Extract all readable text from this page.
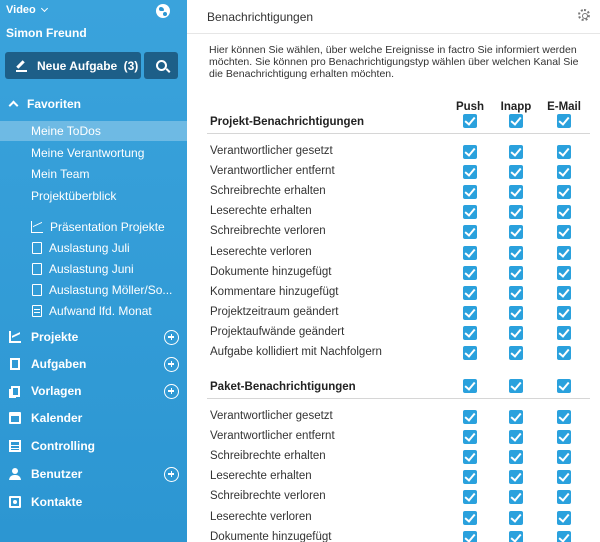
Video
Simon Freund
Neue Aufgabe (3)
Favoriten
Meine ToDos
Meine Verantwortung
Mein Team
Projektüberblick
Präsentation Projekte
Auslastung Juli
Auslastung Juni
Auslastung Möller/So...
Aufwand lfd. Monat
Projekte
Aufgaben
Vorlagen
Kalender
Controlling
Benutzer
Kontakte
Benachrichtigungen
Hier können Sie wählen, über welche Ereignisse in factro Sie informiert werden möchten. Sie können pro Benachrichtigungstyp wählen über welchen Kanal Sie die Benachrichtigung erhalten möchten.
Push	Inapp	E-Mail
Projekt-Benachrichtigungen
Verantwortlicher gesetzt
Verantwortlicher entfernt
Schreibrechte erhalten
Leserechte erhalten
Schreibrechte verloren
Leserechte verloren
Dokumente hinzugefügt
Kommentare hinzugefügt
Projektzeitraum geändert
Projektaufwände geändert
Aufgabe kollidiert mit Nachfolgern
Paket-Benachrichtigungen
Verantwortlicher gesetzt
Verantwortlicher entfernt
Schreibrechte erhalten
Leserechte erhalten
Schreibrechte verloren
Leserechte verloren
Dokumente hinzugefügt
